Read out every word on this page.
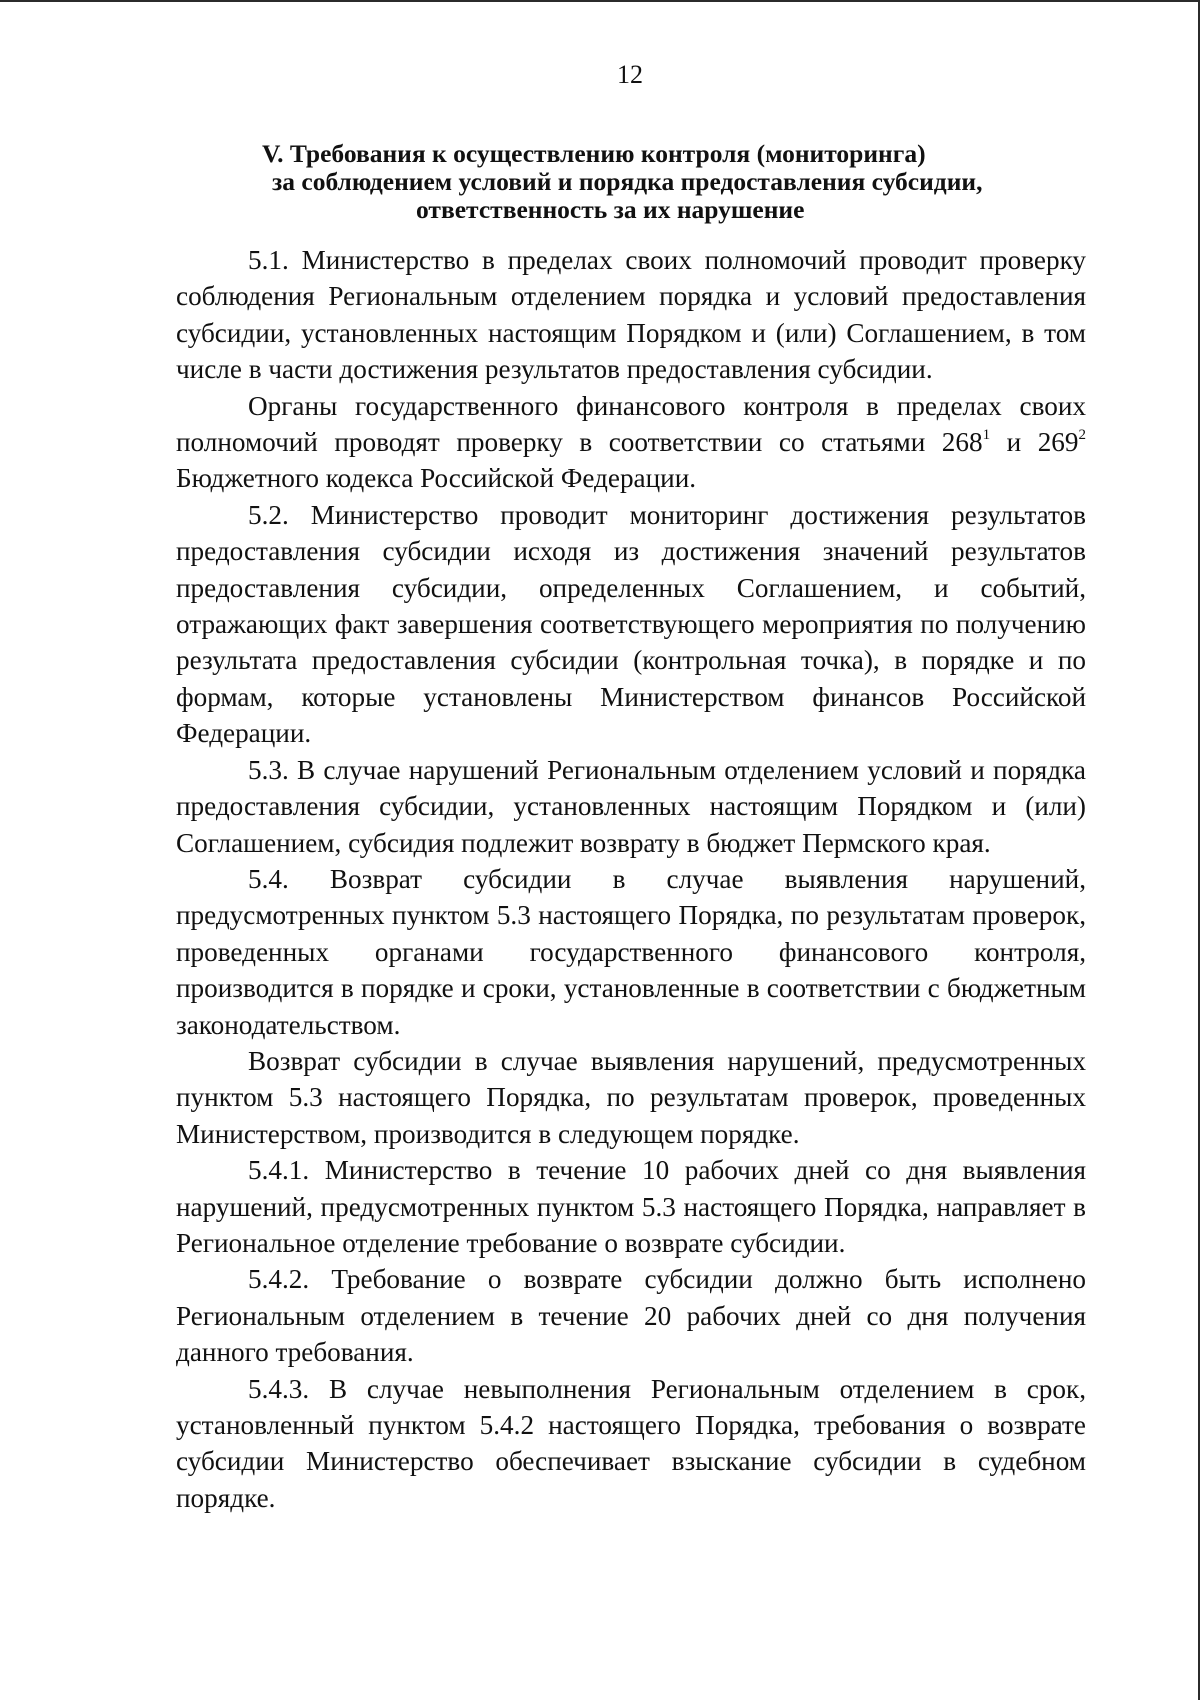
12
V. Требования к осуществлению контроля (мониторинга)
за соблюдением условий и порядка предоставления субсидии,
ответственность за их нарушение

5.1. Министерство в пределах своих полномочий проводит проверку соблюдения Региональным отделением порядка и условий предоставления субсидии, установленных настоящим Порядком и (или) Соглашением, в том числе в части достижения результатов предоставления субсидии.

Органы государственного финансового контроля в пределах своих полномочий проводят проверку в соответствии со статьями $268^1$ и $269^2$ Бюджетного кодекса Российской Федерации.

5.2. Министерство проводит мониторинг достижения результатов предоставления субсидии исходя из достижения значений результатов предоставления субсидии, определенных Соглашением, и событий, отражающих факт завершения соответствующего мероприятия по получению результата предоставления субсидии (контрольная точка), в порядке и по формам, которые установлены Министерством финансов Российской Федерации.

5.3. В случае нарушений Региональным отделением условий и порядка предоставления субсидии, установленных настоящим Порядком и (или) Соглашением, субсидия подлежит возврату в бюджет Пермского края.

5.4. Возврат субсидии в случае выявления нарушений, предусмотренных пунктом 5.3 настоящего Порядка, по результатам проверок, проведенных органами государственного финансового контроля, производится в порядке и сроки, установленные в соответствии с бюджетным законодательством.

Возврат субсидии в случае выявления нарушений, предусмотренных пунктом 5.3 настоящего Порядка, по результатам проверок, проведенных Министерством, производится в следующем порядке.

5.4.1. Министерство в течение 10 рабочих дней со дня выявления нарушений, предусмотренных пунктом 5.3 настоящего Порядка, направляет в Региональное отделение требование о возврате субсидии.

5.4.2. Требование о возврате субсидии должно быть исполнено Региональным отделением в течение 20 рабочих дней со дня получения данного требования.

5.4.3. В случае невыполнения Региональным отделением в срок, установленный пунктом 5.4.2 настоящего Порядка, требования о возврате субсидии Министерство обеспечивает взыскание субсидии в судебном порядке.
